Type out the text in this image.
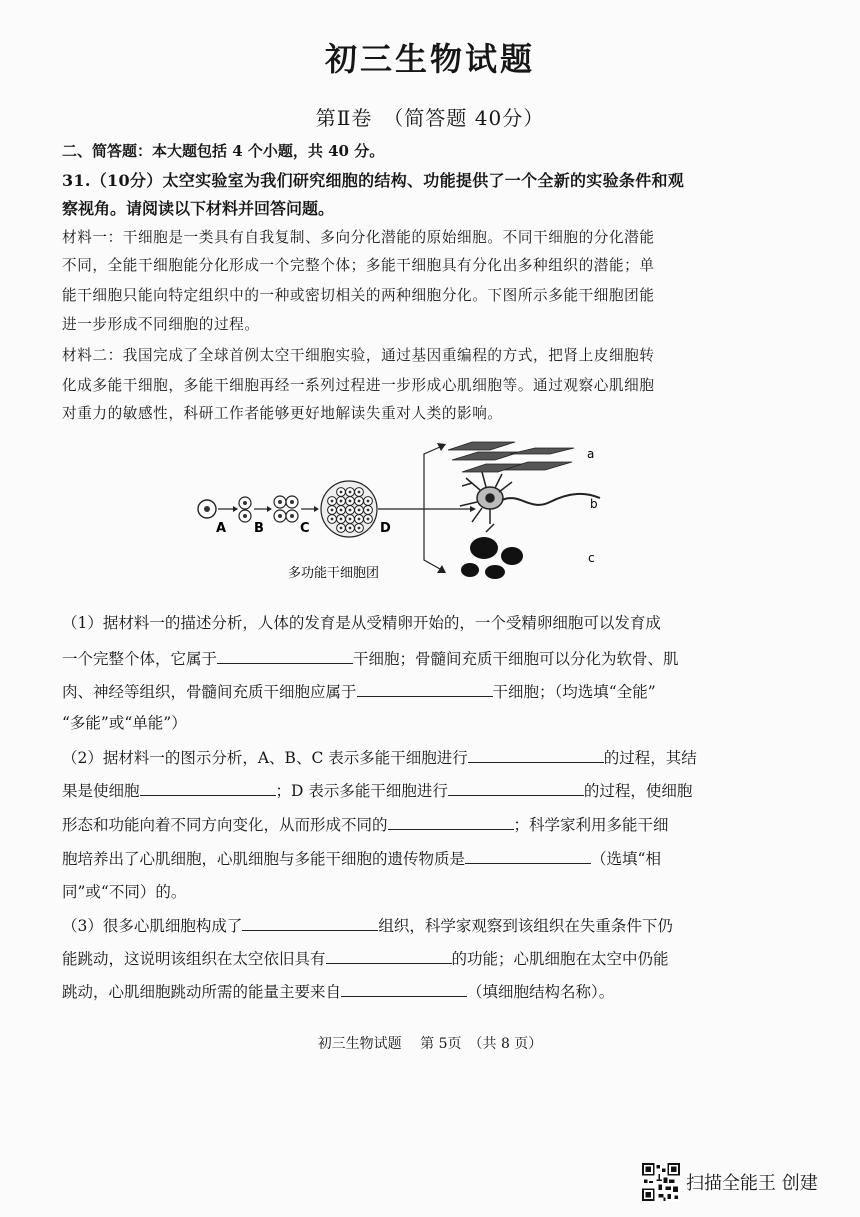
初三生物试题
第Ⅱ卷　（简答题 40分）
二、简答题：本大题包括 4 个小题，共 40 分。
31.（10分）太空实验室为我们研究细胞的结构、功能提供了一个全新的实验条件和观
察视角。请阅读以下材料并回答问题。
材料一：干细胞是一类具有自我复制、多向分化潜能的原始细胞。不同干细胞的分化潜能
不同，全能干细胞能分化形成一个完整个体；多能干细胞具有分化出多种组织的潜能；单
能干细胞只能向特定组织中的一种或密切相关的两种细胞分化。下图所示多能干细胞团能
进一步形成不同细胞的过程。
材料二：我国完成了全球首例太空干细胞实验，通过基因重编程的方式，把肾上皮细胞转
化成多能干细胞，多能干细胞再经一系列过程进一步形成心肌细胞等。通过观察心肌细胞
对重力的敏感性，科研工作者能够更好地解读失重对人类的影响。
A B	C	D
a
b
c
多功能干细胞团
（1）据材料一的描述分析，人体的发育是从受精卵开始的，一个受精卵细胞可以发育成
一个完整个体，它属于	干细胞；骨髓间充质干细胞可以分化为软骨、肌
肉、神经等组织，骨髓间充质干细胞应属于	干细胞；（均选填“全能”
“多能”或“单能”）
（2）据材料一的图示分析，A、B、C 表示多能干细胞进行	的过程，其结
果是使细胞	；D 表示多能干细胞进行	的过程，使细胞
形态和功能向着不同方向变化，从而形成不同的	；科学家利用多能干细
胞培养出了心肌细胞，心肌细胞与多能干细胞的遗传物质是	（选填“相
同”或“不同）的。
（3）很多心肌细胞构成了	组织，科学家观察到该组织在失重条件下仍
能跳动，这说明该组织在太空依旧具有	的功能；心肌细胞在太空中仍能
跳动，心肌细胞跳动所需的能量主要来自	（填细胞结构名称）。
初三生物试题　 第 5页　（共 8 页）
扫描全能王 创建
